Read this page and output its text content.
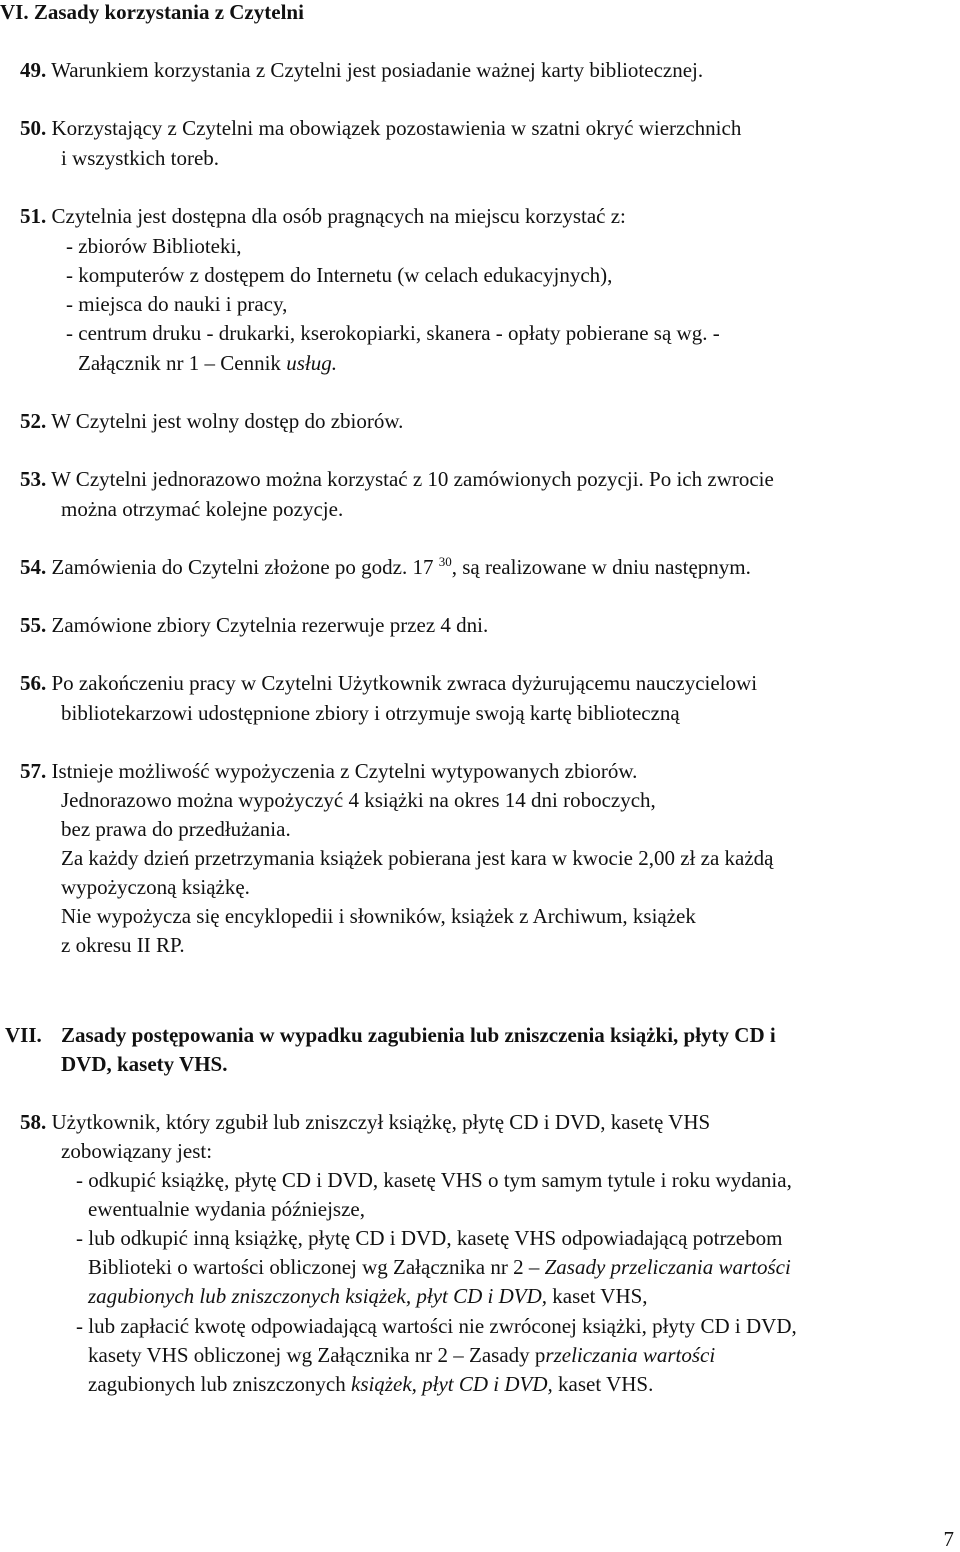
VI. Zasady korzystania z Czytelni
49. Warunkiem korzystania z Czytelni jest posiadanie ważnej karty bibliotecznej.
50. Korzystający z Czytelni ma obowiązek pozostawienia w szatni okryć wierzchnich
i wszystkich toreb.
51. Czytelnia jest dostępna dla osób pragnących na miejscu korzystać z:
- zbiorów Biblioteki,
- komputerów z dostępem do Internetu (w celach edukacyjnych),
- miejsca do nauki i pracy,
- centrum druku - drukarki, kserokopiarki, skanera - opłaty pobierane są wg. -
Załącznik nr 1 – Cennik usług.
52. W Czytelni jest wolny dostęp do zbiorów.
53. W Czytelni jednorazowo można korzystać z 10 zamówionych pozycji. Po ich zwrocie
można otrzymać kolejne pozycje.
54. Zamówienia do Czytelni złożone po godz. 17 $^{30}$, są realizowane w dniu następnym.
55. Zamówione zbiory Czytelnia rezerwuje przez 4 dni.
56. Po zakończeniu pracy w Czytelni Użytkownik zwraca dyżurującemu nauczycielowi
bibliotekarzowi udostępnione zbiory i otrzymuje swoją kartę biblioteczną
57. Istnieje możliwość wypożyczenia z Czytelni wytypowanych zbiorów.
Jednorazowo można wypożyczyć 4 książki na okres 14 dni roboczych,
bez prawa do przedłużania.
Za każdy dzień przetrzymania książek pobierana jest kara w kwocie 2,00 zł za każdą
wypożyczoną książkę.
Nie wypożycza się encyklopedii i słowników, książek z Archiwum, książek
z okresu II RP.
VII. Zasady postępowania w wypadku zagubienia lub zniszczenia książki, płyty CD i
DVD, kasety VHS.
58. Użytkownik, który zgubił lub zniszczył książkę, płytę CD i DVD, kasetę VHS
zobowiązany jest:
- odkupić książkę, płytę CD i DVD, kasetę VHS o tym samym tytule i roku wydania,
ewentualnie wydania późniejsze,
- lub odkupić inną książkę, płytę CD i DVD, kasetę VHS odpowiadającą potrzebom
Biblioteki o wartości obliczonej wg Załącznika nr 2 – Zasady przeliczania wartości
zagubionych lub zniszczonych książek, płyt CD i DVD, kaset VHS,
- lub zapłacić kwotę odpowiadającą wartości nie zwróconej książki, płyty CD i DVD,
kasety VHS obliczonej wg Załącznika nr 2 – Zasady przeliczania wartości
zagubionych lub zniszczonych książek, płyt CD i DVD, kaset VHS.
7
